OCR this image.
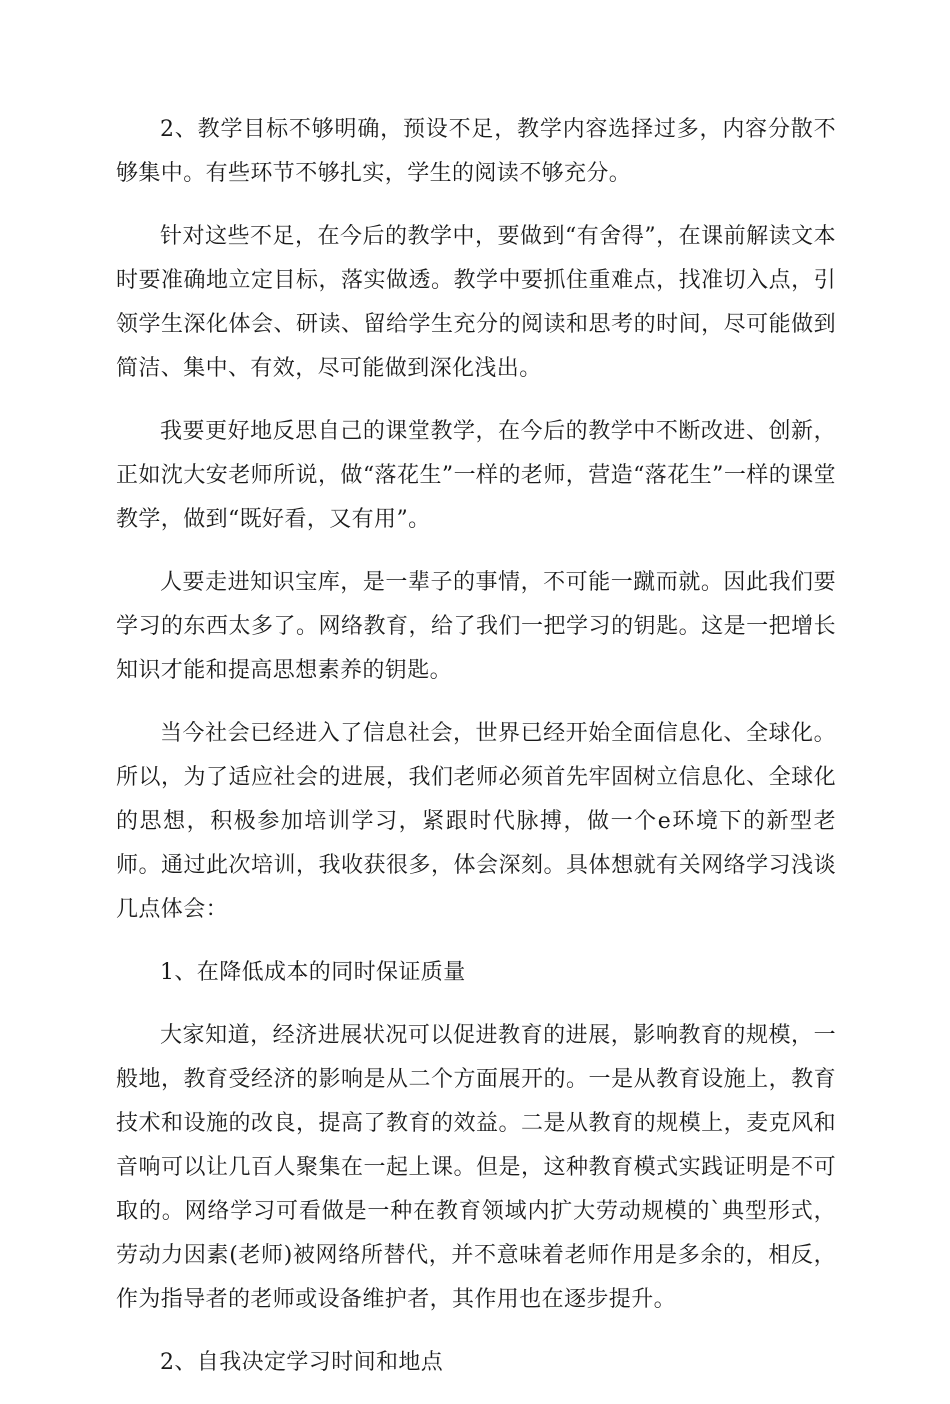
2、教学目标不够明确，预设不足，教学内容选择过多，内容分散不够集中。有些环节不够扎实，学生的阅读不够充分。

针对这些不足，在今后的教学中，要做到“有舍得”，在课前解读文本时要准确地立定目标，落实做透。教学中要抓住重难点，找准切入点，引领学生深化体会、研读、留给学生充分的阅读和思考的时间，尽可能做到简洁、集中、有效，尽可能做到深化浅出。

我要更好地反思自己的课堂教学，在今后的教学中不断改进、创新，正如沈大安老师所说，做“落花生”一样的老师，营造“落花生”一样的课堂教学，做到“既好看，又有用”。

人要走进知识宝库，是一辈子的事情，不可能一蹴而就。因此我们要学习的东西太多了。网络教育，给了我们一把学习的钥匙。这是一把增长知识才能和提高思想素养的钥匙。

当今社会已经进入了信息社会，世界已经开始全面信息化、全球化。所以，为了适应社会的进展，我们老师必须首先牢固树立信息化、全球化的思想，积极参加培训学习，紧跟时代脉搏，做一个e环境下的新型老师。通过此次培训，我收获很多，体会深刻。具体想就有关网络学习浅谈几点体会：

1、在降低成本的同时保证质量

大家知道，经济进展状况可以促进教育的进展，影响教育的规模，一般地，教育受经济的影响是从二个方面展开的。一是从教育设施上，教育技术和设施的改良，提高了教育的效益。二是从教育的规模上，麦克风和音响可以让几百人聚集在一起上课。但是，这种教育模式实践证明是不可取的。网络学习可看做是一种在教育领域内扩大劳动规模的`典型形式，劳动力因素(老师)被网络所替代，并不意味着老师作用是多余的，相反，作为指导者的老师或设备维护者，其作用也在逐步提升。

2、自我决定学习时间和地点
